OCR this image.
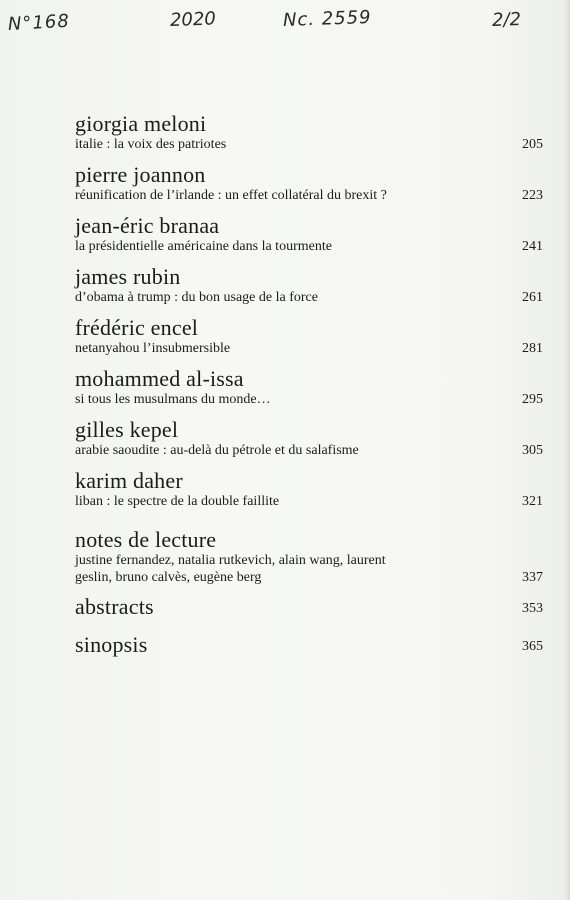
N°168	2020	Nc. 2559	2/2
giorgia meloni
italie : la voix des patriotes	205
pierre joannon
réunification de l’irlande : un effet collatéral du brexit ?	223
jean-éric branaa
la présidentielle américaine dans la tourmente	241
james rubin
d’obama à trump : du bon usage de la force	261
frédéric encel
netanyahou l’insubmersible	281
mohammed al-issa
si tous les musulmans du monde…	295
gilles kepel
arabie saoudite : au-delà du pétrole et du salafisme	305
karim daher
liban : le spectre de la double faillite	321
notes de lecture
justine fernandez, natalia rutkevich, alain wang, laurent
geslin, bruno calvès, eugène berg	337
abstracts	353
sinopsis	365
